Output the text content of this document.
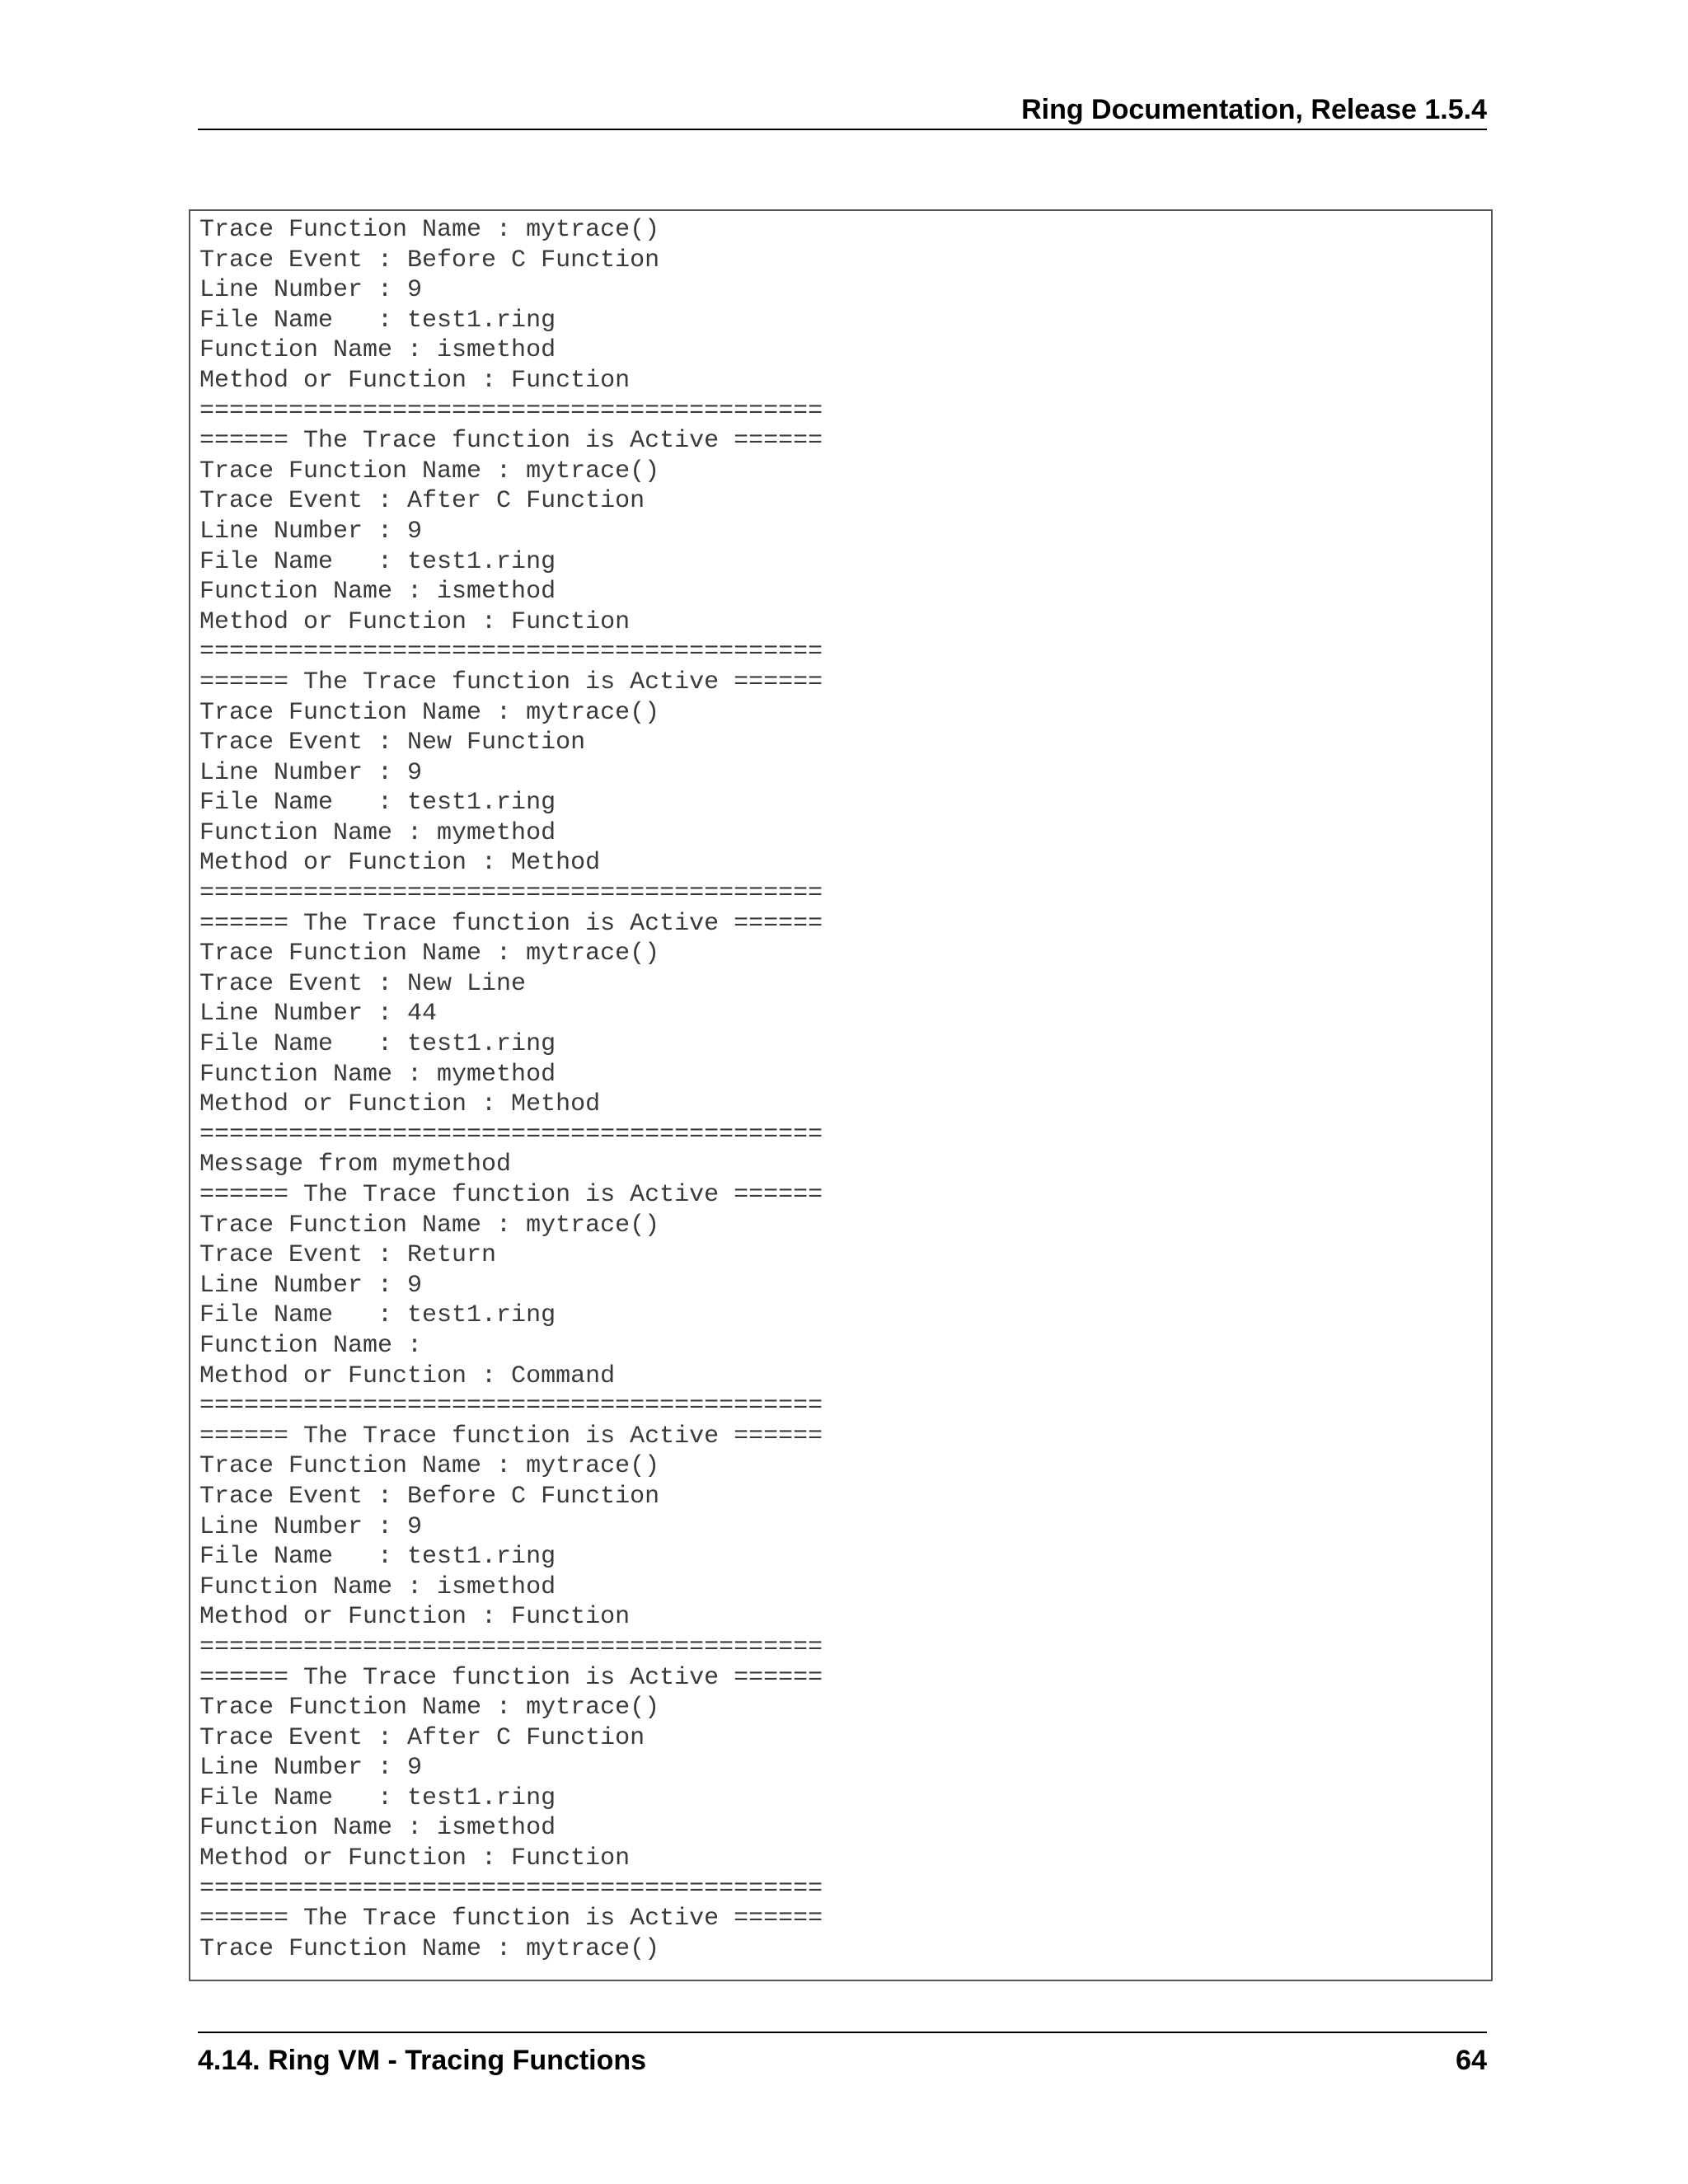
Ring Documentation, Release 1.5.4
Trace Function Name : mytrace()
Trace Event : Before C Function
Line Number : 9
File Name   : test1.ring
Function Name : ismethod
Method or Function : Function
==========================================
====== The Trace function is Active ======
Trace Function Name : mytrace()
Trace Event : After C Function
Line Number : 9
File Name   : test1.ring
Function Name : ismethod
Method or Function : Function
==========================================
====== The Trace function is Active ======
Trace Function Name : mytrace()
Trace Event : New Function
Line Number : 9
File Name   : test1.ring
Function Name : mymethod
Method or Function : Method
==========================================
====== The Trace function is Active ======
Trace Function Name : mytrace()
Trace Event : New Line
Line Number : 44
File Name   : test1.ring
Function Name : mymethod
Method or Function : Method
==========================================
Message from mymethod
====== The Trace function is Active ======
Trace Function Name : mytrace()
Trace Event : Return
Line Number : 9
File Name   : test1.ring
Function Name :
Method or Function : Command
==========================================
====== The Trace function is Active ======
Trace Function Name : mytrace()
Trace Event : Before C Function
Line Number : 9
File Name   : test1.ring
Function Name : ismethod
Method or Function : Function
==========================================
====== The Trace function is Active ======
Trace Function Name : mytrace()
Trace Event : After C Function
Line Number : 9
File Name   : test1.ring
Function Name : ismethod
Method or Function : Function
==========================================
====== The Trace function is Active ======
Trace Function Name : mytrace()
4.14. Ring VM - Tracing Functions	64
